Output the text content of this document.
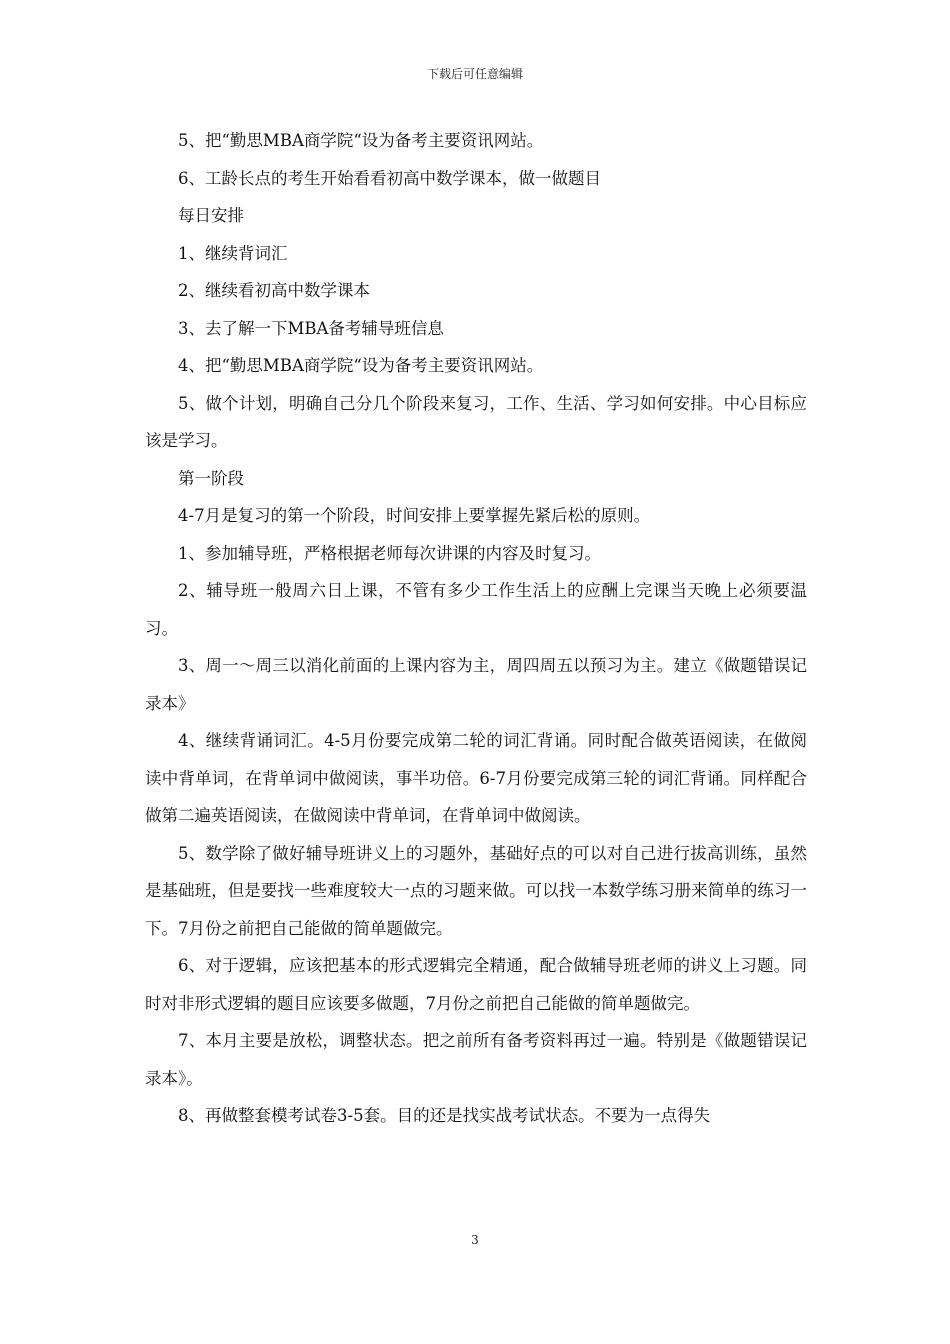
下载后可任意编辑

5、把“勤思MBA商学院“设为备考主要资讯网站。

6、工龄长点的考生开始看看初高中数学课本，做一做题目

每日安排

1、继续背词汇

2、继续看初高中数学课本

3、去了解一下MBA备考辅导班信息

4、把“勤思MBA商学院“设为备考主要资讯网站。

5、做个计划，明确自己分几个阶段来复习，工作、生活、学习如何安排。中心目标应该是学习。

第一阶段

4-7月是复习的第一个阶段，时间安排上要掌握先紧后松的原则。

1、参加辅导班，严格根据老师每次讲课的内容及时复习。

2、辅导班一般周六日上课，不管有多少工作生活上的应酬上完课当天晚上必须要温习。

3、周一～周三以消化前面的上课内容为主，周四周五以预习为主。建立《做题错误记录本》

4、继续背诵词汇。4-5月份要完成第二轮的词汇背诵。同时配合做英语阅读，在做阅读中背单词，在背单词中做阅读，事半功倍。6-7月份要完成第三轮的词汇背诵。同样配合做第二遍英语阅读，在做阅读中背单词，在背单词中做阅读。

5、数学除了做好辅导班讲义上的习题外，基础好点的可以对自己进行拔高训练，虽然是基础班，但是要找一些难度较大一点的习题来做。可以找一本数学练习册来简单的练习一下。7月份之前把自己能做的简单题做完。

6、对于逻辑，应该把基本的形式逻辑完全精通，配合做辅导班老师的讲义上习题。同时对非形式逻辑的题目应该要多做题，7月份之前把自己能做的简单题做完。

7、本月主要是放松，调整状态。把之前所有备考资料再过一遍。特别是《做题错误记录本》。

8、再做整套模考试卷3-5套。目的还是找实战考试状态。不要为一点得失

3
